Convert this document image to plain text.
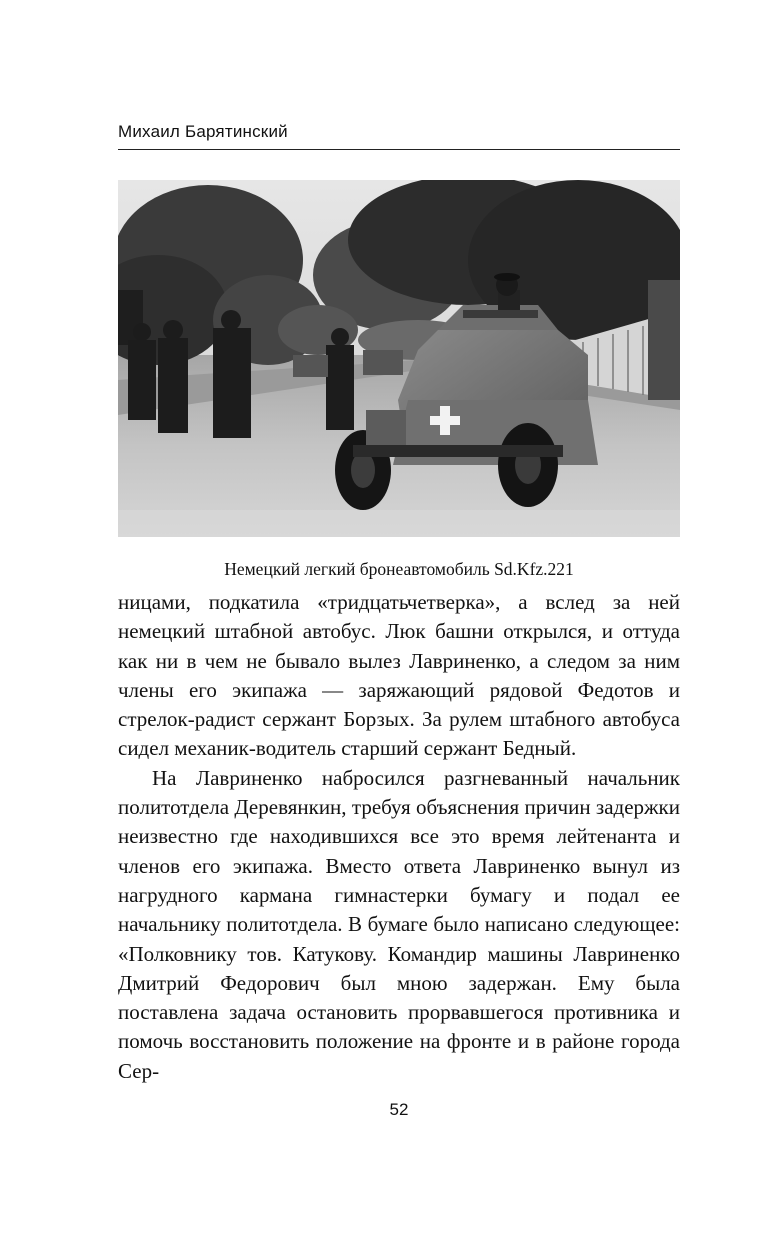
Михаил Барятинский
Немецкий легкий бронеавтомобиль Sd.Kfz.221

ницами, подкатила «тридцатьчетверка», а вслед за ней немецкий штабной автобус. Люк башни открылся, и оттуда как ни в чем не бывало вылез Лавриненко, а следом за ним члены его экипажа — заряжающий рядовой Федотов и стрелок-радист сержант Борзых. За рулем штабного автобуса сидел механик-водитель старший сержант Бедный.

На Лавриненко набросился разгневанный начальник политотдела Деревянкин, требуя объяснения причин задержки неизвестно где находившихся все это время лейтенанта и членов его экипажа. Вместо ответа Лавриненко вынул из нагрудного кармана гимнастерки бумагу и подал ее начальнику политотдела. В бумаге было написано следующее: «Полковнику тов. Катукову. Командир машины Лавриненко Дмитрий Федорович был мною задержан. Ему была поставлена задача остановить прорвавшегося противника и помочь восстановить положение на фронте и в районе города Сер-

52
